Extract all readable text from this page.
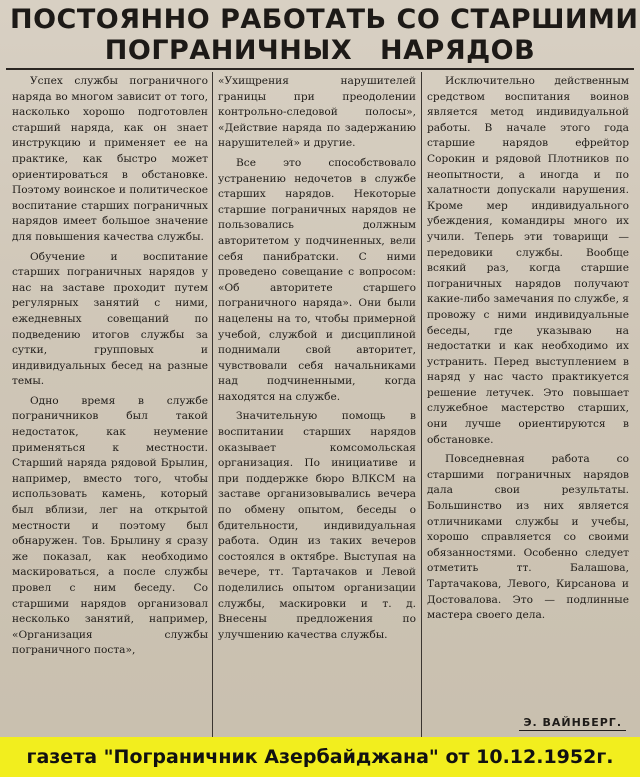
ПОСТОЯННО РАБОТАТЬ СО СТАРШИМИ
ПОГРАНИЧНЫХ НАРЯДОВ

Успех службы пограничного наряда во многом зависит от того, насколько хорошо подготовлен старший наряда, как он знает инструкцию и применяет ее на практике, как быстро может ориентироваться в обстановке. Поэтому воинское и политическое воспитание старших пограничных нарядов имеет большое значение для повышения качества службы.

Обучение и воспитание старших пограничных нарядов у нас на заставе проходит путем регулярных занятий с ними, ежедневных совещаний по подведению итогов службы за сутки, групповых и индивидуальных бесед на разные темы.

Одно время в службе пограничников был такой недостаток, как неумение применяться к местности. Старший наряда рядовой Брылин, например, вместо того, чтобы использовать камень, который был вблизи, лег на открытой местности и поэтому был обнаружен. Тов. Брылину я сразу же показал, как необходимо маскироваться, а после службы провел с ним беседу. Со старшими нарядов организовал несколько занятий, например, «Организация службы пограничного поста»,

«Ухищрения нарушителей границы при преодолении контрольно-следовой полосы», «Действие наряда по задержанию нарушителей» и другие.

Все это способствовало устранению недочетов в службе старших нарядов. Некоторые старшие пограничных нарядов не пользовались должным авторитетом у подчиненных, вели себя панибратски. С ними проведено совещание с вопросом: «Об авторитете старшего пограничного наряда». Они были нацелены на то, чтобы примерной учебой, службой и дисциплиной поднимали свой авторитет, чувствовали себя начальниками над подчиненными, когда находятся на службе.

Значительную помощь в воспитании старших нарядов оказывает комсомольская организация. По инициативе и при поддержке бюро ВЛКСМ на заставе организовывались вечера по обмену опытом, беседы о бдительности, индивидуальная работа. Один из таких вечеров состоялся в октябре. Выступая на вечере, тт. Тартачаков и Левой поделились опытом организации службы, маскировки и т. д. Внесены предложения по улучшению качества службы.

Исключительно действенным средством воспитания воинов является метод индивидуальной работы. В начале этого года старшие нарядов ефрейтор Сорокин и рядовой Плотников по неопытности, а иногда и по халатности допускали нарушения. Кроме мер индивидуального убеждения, командиры много их учили. Теперь эти товарищи — передовики службы. Вообще всякий раз, когда старшие пограничных нарядов получают какие-либо замечания по службе, я провожу с ними индивидуальные беседы, где указываю на недостатки и как необходимо их устранить. Перед выступлением в наряд у нас часто практикуется решение летучек. Это повышает служебное мастерство старших, они лучше ориентируются в обстановке.

Повседневная работа со старшими пограничных нарядов дала свои результаты. Большинство из них является отличниками службы и учебы, хорошо справляется со своими обязанностями. Особенно следует отметить тт. Балашова, Тартачакова, Левого, Кирсанова и Достовалова. Это — подлинные мастера своего дела.

Э. ВАЙНБЕРГ.
газета "Пограничник Азербайджана" от 10.12.1952г.
